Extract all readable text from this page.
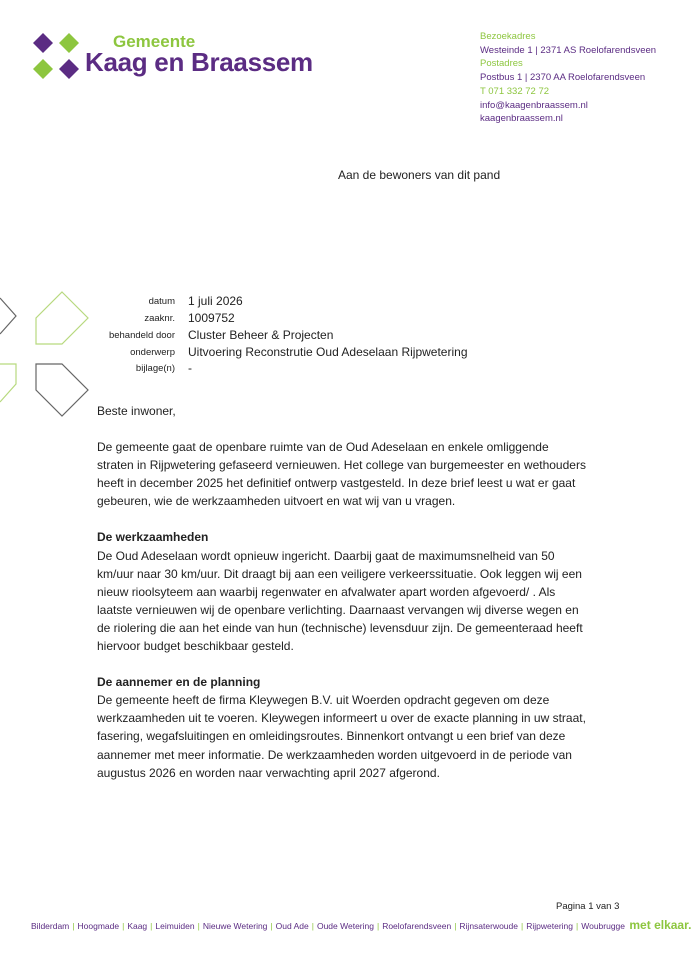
Gemeente
Kaag en Braassem
Bezoekadres
Westeinde 1 | 2371 AS Roelofarendsveen
Postadres
Postbus 1 | 2370 AA Roelofarendsveen
T 071 332 72 72
info@kaagenbraassem.nl
kaagenbraassem.nl
Aan de bewoners van dit pand
datum 1 juli 2026
zaaknr. 1009752
behandeld door Cluster Beheer & Projecten
onderwerp Uitvoering Reconstrutie Oud Adeselaan Rijpwetering
bijlage(n) -

Beste inwoner,

De gemeente gaat de openbare ruimte van de Oud Adeselaan en enkele omliggende straten in Rijpwetering gefaseerd vernieuwen. Het college van burgemeester en wethouders heeft in december 2025 het definitief ontwerp vastgesteld. In deze brief leest u wat er gaat gebeuren, wie de werkzaamheden uitvoert en wat wij van u vragen.

De werkzaamheden

De Oud Adeselaan wordt opnieuw ingericht. Daarbij gaat de maximumsnelheid van 50 km/uur naar 30 km/uur. Dit draagt bij aan een veiligere verkeerssituatie. Ook leggen wij een nieuw rioolsyteem aan waarbij regenwater en afvalwater apart worden afgevoerd/ . Als laatste vernieuwen wij de openbare verlichting. Daarnaast vervangen wij diverse wegen en de riolering die aan het einde van hun (technische) levensduur zijn. De gemeenteraad heeft hiervoor budget beschikbaar gesteld.

De aannemer en de planning

De gemeente heeft de firma Kleywegen B.V. uit Woerden opdracht gegeven om deze werkzaamheden uit te voeren. Kleywegen informeert u over de exacte planning in uw straat, fasering, wegafsluitingen en omleidingsroutes. Binnenkort ontvangt u een brief van deze aannemer met meer informatie. De werkzaamheden worden uitgevoerd in de periode van augustus 2026 en worden naar verwachting april 2027 afgerond.

Pagina 1 van 3
Bilderdam | Hoogmade | Kaag | Leimuiden | Nieuwe Wetering | Oud Ade | Oude Wetering | Roelofarendsveen | Rijnsaterwoude | Rijpwetering | Woubrugge met elkaar.
